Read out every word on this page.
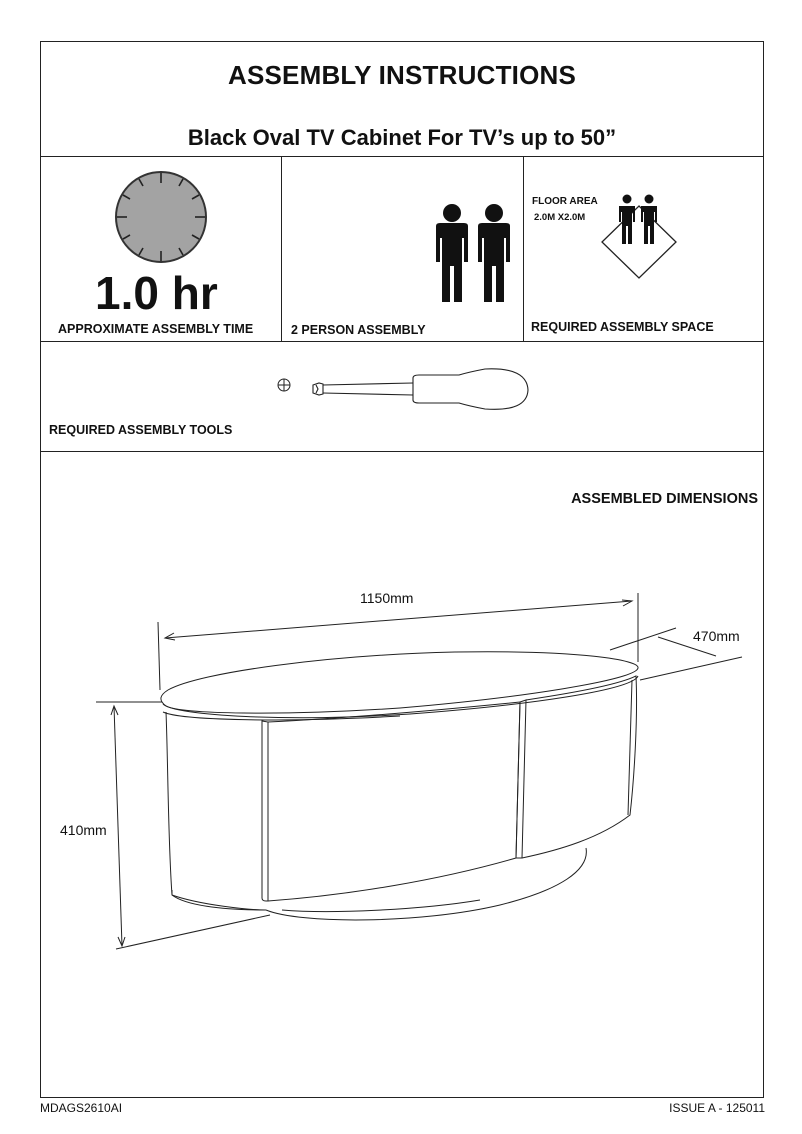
ASSEMBLY INSTRUCTIONS
Black Oval TV Cabinet For TV’s up to 50”
1.0 hr
APPROXIMATE ASSEMBLY TIME	2 PERSON ASSEMBLY
FLOOR AREA
2.0M X2.0M
REQUIRED ASSEMBLY SPACE
REQUIRED ASSEMBLY TOOLS
ASSEMBLED DIMENSIONS
1150mm
470mm
410mm
MDAGS2610AI	ISSUE A - 125011
